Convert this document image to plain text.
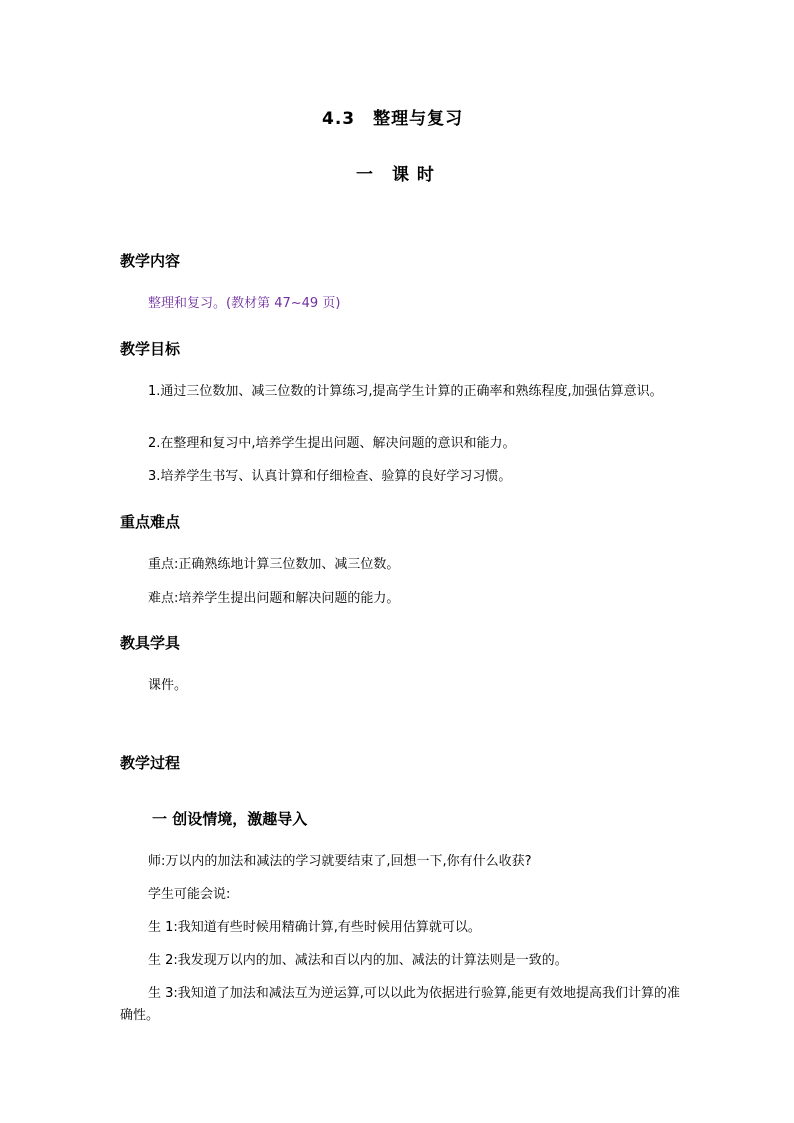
4.3　整理与复习
一　课 时
教学内容
整理和复习。(教材第 47~49 页)
教学目标
1.通过三位数加、减三位数的计算练习,提高学生计算的正确率和熟练程度,加强估算意识。
2.在整理和复习中,培养学生提出问题、解决问题的意识和能力。
3.培养学生书写、认真计算和仔细检查、验算的良好学习习惯。
重点难点
重点:正确熟练地计算三位数加、减三位数。
难点:培养学生提出问题和解决问题的能力。
教具学具
课件。
教学过程
一 创设情境，激趣导入
师:万以内的加法和减法的学习就要结束了,回想一下,你有什么收获?
学生可能会说:
生 1:我知道有些时候用精确计算,有些时候用估算就可以。
生 2:我发现万以内的加、减法和百以内的加、减法的计算法则是一致的。
生 3:我知道了加法和减法互为逆运算,可以以此为依据进行验算,能更有效地提高我们计算的准确性。
